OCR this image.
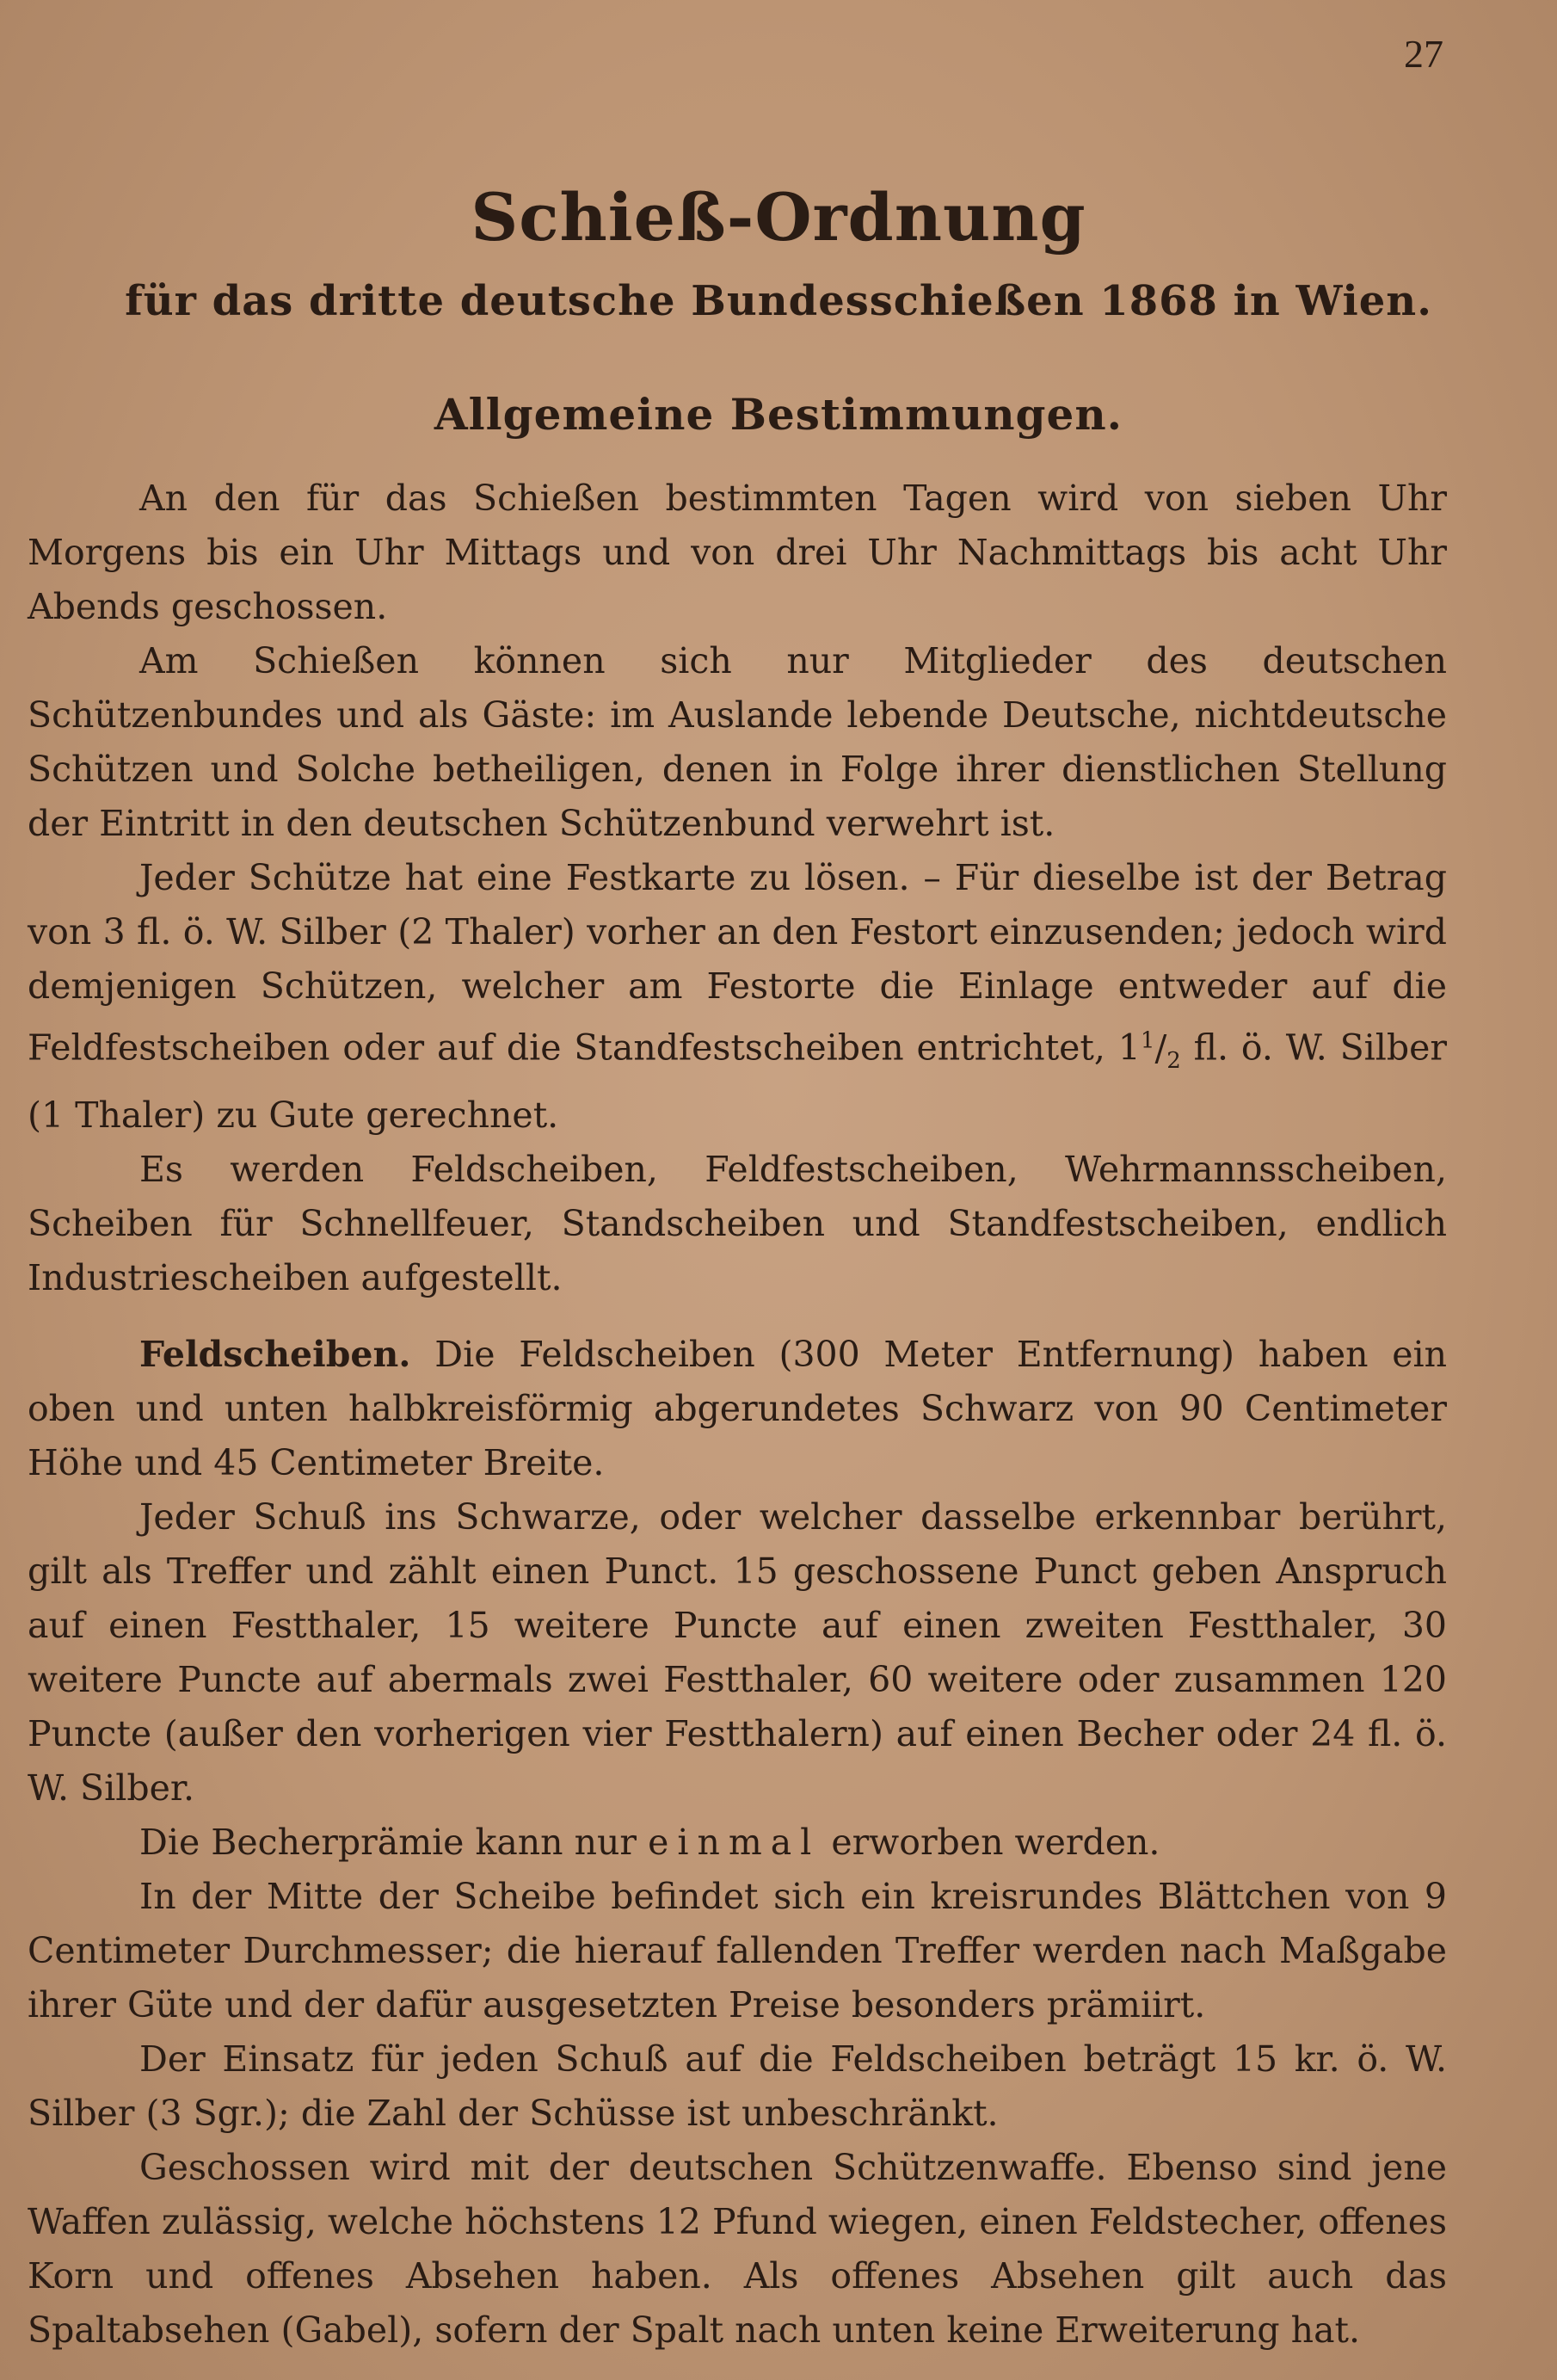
27
Schieß-Ordnung
für das dritte deutsche Bundesschießen 1868 in Wien.
Allgemeine Bestimmungen.

An den für das Schießen bestimmten Tagen wird von sieben Uhr Morgens bis ein Uhr Mittags und von drei Uhr Nachmittags bis acht Uhr Abends geschossen.

Am Schießen können sich nur Mitglieder des deutschen Schützenbundes und als Gäste: im Auslande lebende Deutsche, nichtdeutsche Schützen und Solche betheiligen, denen in Folge ihrer dienstlichen Stellung der Eintritt in den deutschen Schützenbund verwehrt ist.

Jeder Schütze hat eine Festkarte zu lösen. – Für dieselbe ist der Betrag von 3 fl. ö. W. Silber (2 Thaler) vorher an den Festort einzusenden; jedoch wird demjenigen Schützen, welcher am Festorte die Einlage entweder auf die Feldfestscheiben oder auf die Standfestscheiben entrichtet, $1^1/_2$ fl. ö. W. Silber (1 Thaler) zu Gute gerechnet.

Es werden Feldscheiben, Feldfestscheiben, Wehrmannsscheiben, Scheiben für Schnellfeuer, Standscheiben und Standfestscheiben, endlich Industriescheiben aufgestellt.

Feldscheiben. Die Feldscheiben (300 Meter Entfernung) haben ein oben und unten halbkreisförmig abgerundetes Schwarz von 90 Centimeter Höhe und 45 Centimeter Breite.

Jeder Schuß ins Schwarze, oder welcher dasselbe erkennbar berührt, gilt als Treffer und zählt einen Punct. 15 geschossene Punct geben Anspruch auf einen Festthaler, 15 weitere Puncte auf einen zweiten Festthaler, 30 weitere Puncte auf abermals zwei Festthaler, 60 weitere oder zusammen 120 Puncte (außer den vorherigen vier Festthalern) auf einen Becher oder 24 fl. ö. W. Silber.

Die Becherprämie kann nur einmal erworben werden.

In der Mitte der Scheibe befindet sich ein kreisrundes Blättchen von 9 Centimeter Durchmesser; die hierauf fallenden Treffer werden nach Maßgabe ihrer Güte und der dafür ausgesetzten Preise besonders prämiirt.

Der Einsatz für jeden Schuß auf die Feldscheiben beträgt 15 kr. ö. W. Silber (3 Sgr.); die Zahl der Schüsse ist unbeschränkt.

Geschossen wird mit der deutschen Schützenwaffe. Ebenso sind jene Waffen zulässig, welche höchstens 12 Pfund wiegen, einen Feldstecher, offenes Korn und offenes Absehen haben. Als offenes Absehen gilt auch das Spaltabsehen (Gabel), sofern der Spalt nach unten keine Erweiterung hat.
